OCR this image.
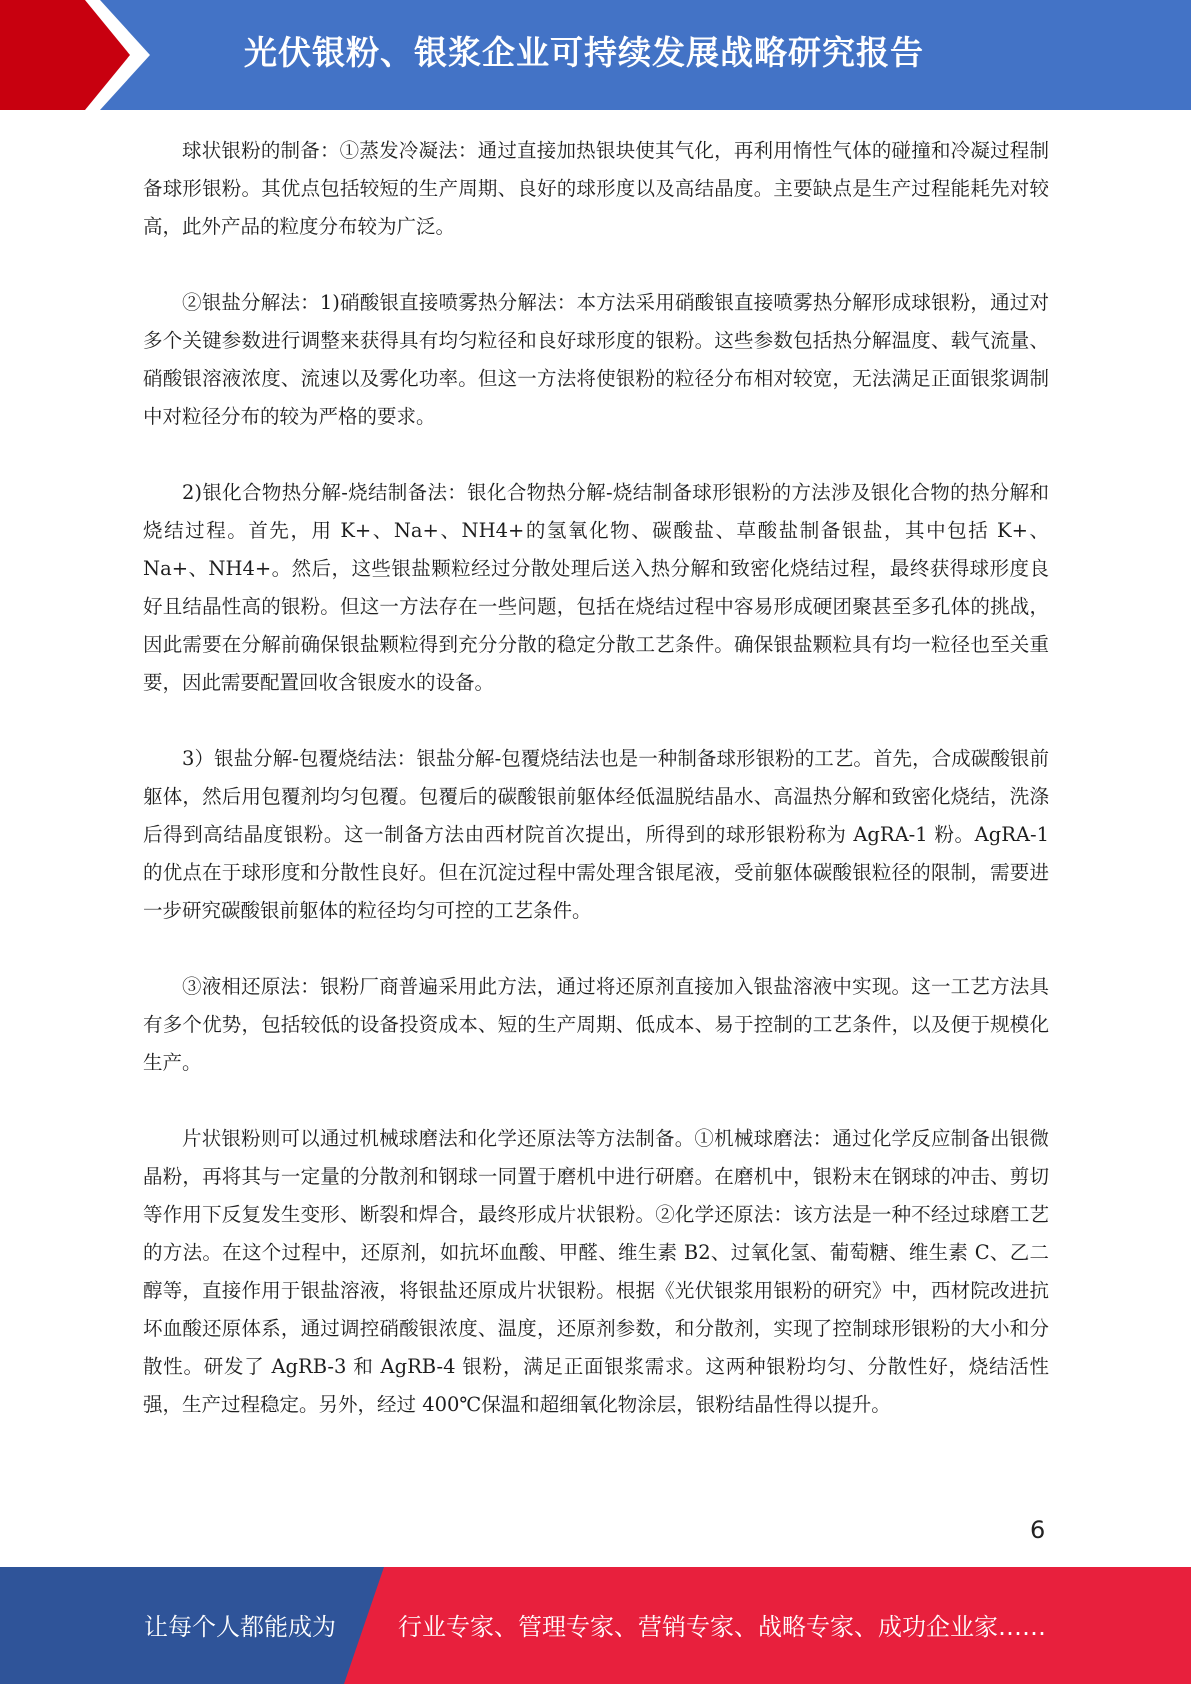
光伏银粉、银浆企业可持续发展战略研究报告

球状银粉的制备：①蒸发冷凝法：通过直接加热银块使其气化，再利用惰性气体的碰撞和冷凝过程制备球形银粉。其优点包括较短的生产周期、良好的球形度以及高结晶度。主要缺点是生产过程能耗先对较高，此外产品的粒度分布较为广泛。

②银盐分解法：1)硝酸银直接喷雾热分解法：本方法采用硝酸银直接喷雾热分解形成球银粉，通过对多个关键参数进行调整来获得具有均匀粒径和良好球形度的银粉。这些参数包括热分解温度、载气流量、硝酸银溶液浓度、流速以及雾化功率。但这一方法将使银粉的粒径分布相对较宽，无法满足正面银浆调制中对粒径分布的较为严格的要求。

2)银化合物热分解-烧结制备法：银化合物热分解-烧结制备球形银粉的方法涉及银化合物的热分解和烧结过程。首先，用 K+、Na+、NH4+的氢氧化物、碳酸盐、草酸盐制备银盐，其中包括 K+、Na+、NH4+。然后，这些银盐颗粒经过分散处理后送入热分解和致密化烧结过程，最终获得球形度良好且结晶性高的银粉。但这一方法存在一些问题，包括在烧结过程中容易形成硬团聚甚至多孔体的挑战，因此需要在分解前确保银盐颗粒得到充分分散的稳定分散工艺条件。确保银盐颗粒具有均一粒径也至关重要，因此需要配置回收含银废水的设备。

3）银盐分解-包覆烧结法：银盐分解-包覆烧结法也是一种制备球形银粉的工艺。首先，合成碳酸银前躯体，然后用包覆剂均匀包覆。包覆后的碳酸银前躯体经低温脱结晶水、高温热分解和致密化烧结，洗涤后得到高结晶度银粉。这一制备方法由西材院首次提出，所得到的球形银粉称为 AgRA-1 粉。AgRA-1 的优点在于球形度和分散性良好。但在沉淀过程中需处理含银尾液，受前躯体碳酸银粒径的限制，需要进一步研究碳酸银前躯体的粒径均匀可控的工艺条件。

③液相还原法：银粉厂商普遍采用此方法，通过将还原剂直接加入银盐溶液中实现。这一工艺方法具有多个优势，包括较低的设备投资成本、短的生产周期、低成本、易于控制的工艺条件，以及便于规模化生产。

片状银粉则可以通过机械球磨法和化学还原法等方法制备。①机械球磨法：通过化学反应制备出银微晶粉，再将其与一定量的分散剂和钢球一同置于磨机中进行研磨。在磨机中，银粉末在钢球的冲击、剪切等作用下反复发生变形、断裂和焊合，最终形成片状银粉。②化学还原法：该方法是一种不经过球磨工艺的方法。在这个过程中，还原剂，如抗坏血酸、甲醛、维生素 B2、过氧化氢、葡萄糖、维生素 C、乙二醇等，直接作用于银盐溶液，将银盐还原成片状银粉。根据《光伏银浆用银粉的研究》中，西材院改进抗坏血酸还原体系，通过调控硝酸银浓度、温度，还原剂参数，和分散剂，实现了控制球形银粉的大小和分散性。研发了 AgRB-3 和 AgRB-4 银粉，满足正面银浆需求。这两种银粉均匀、分散性好，烧结活性强，生产过程稳定。另外，经过 400℃保温和超细氧化物涂层，银粉结晶性得以提升。

6
让每个人都能成为	行业专家、管理专家、营销专家、战略专家、成功企业家……
